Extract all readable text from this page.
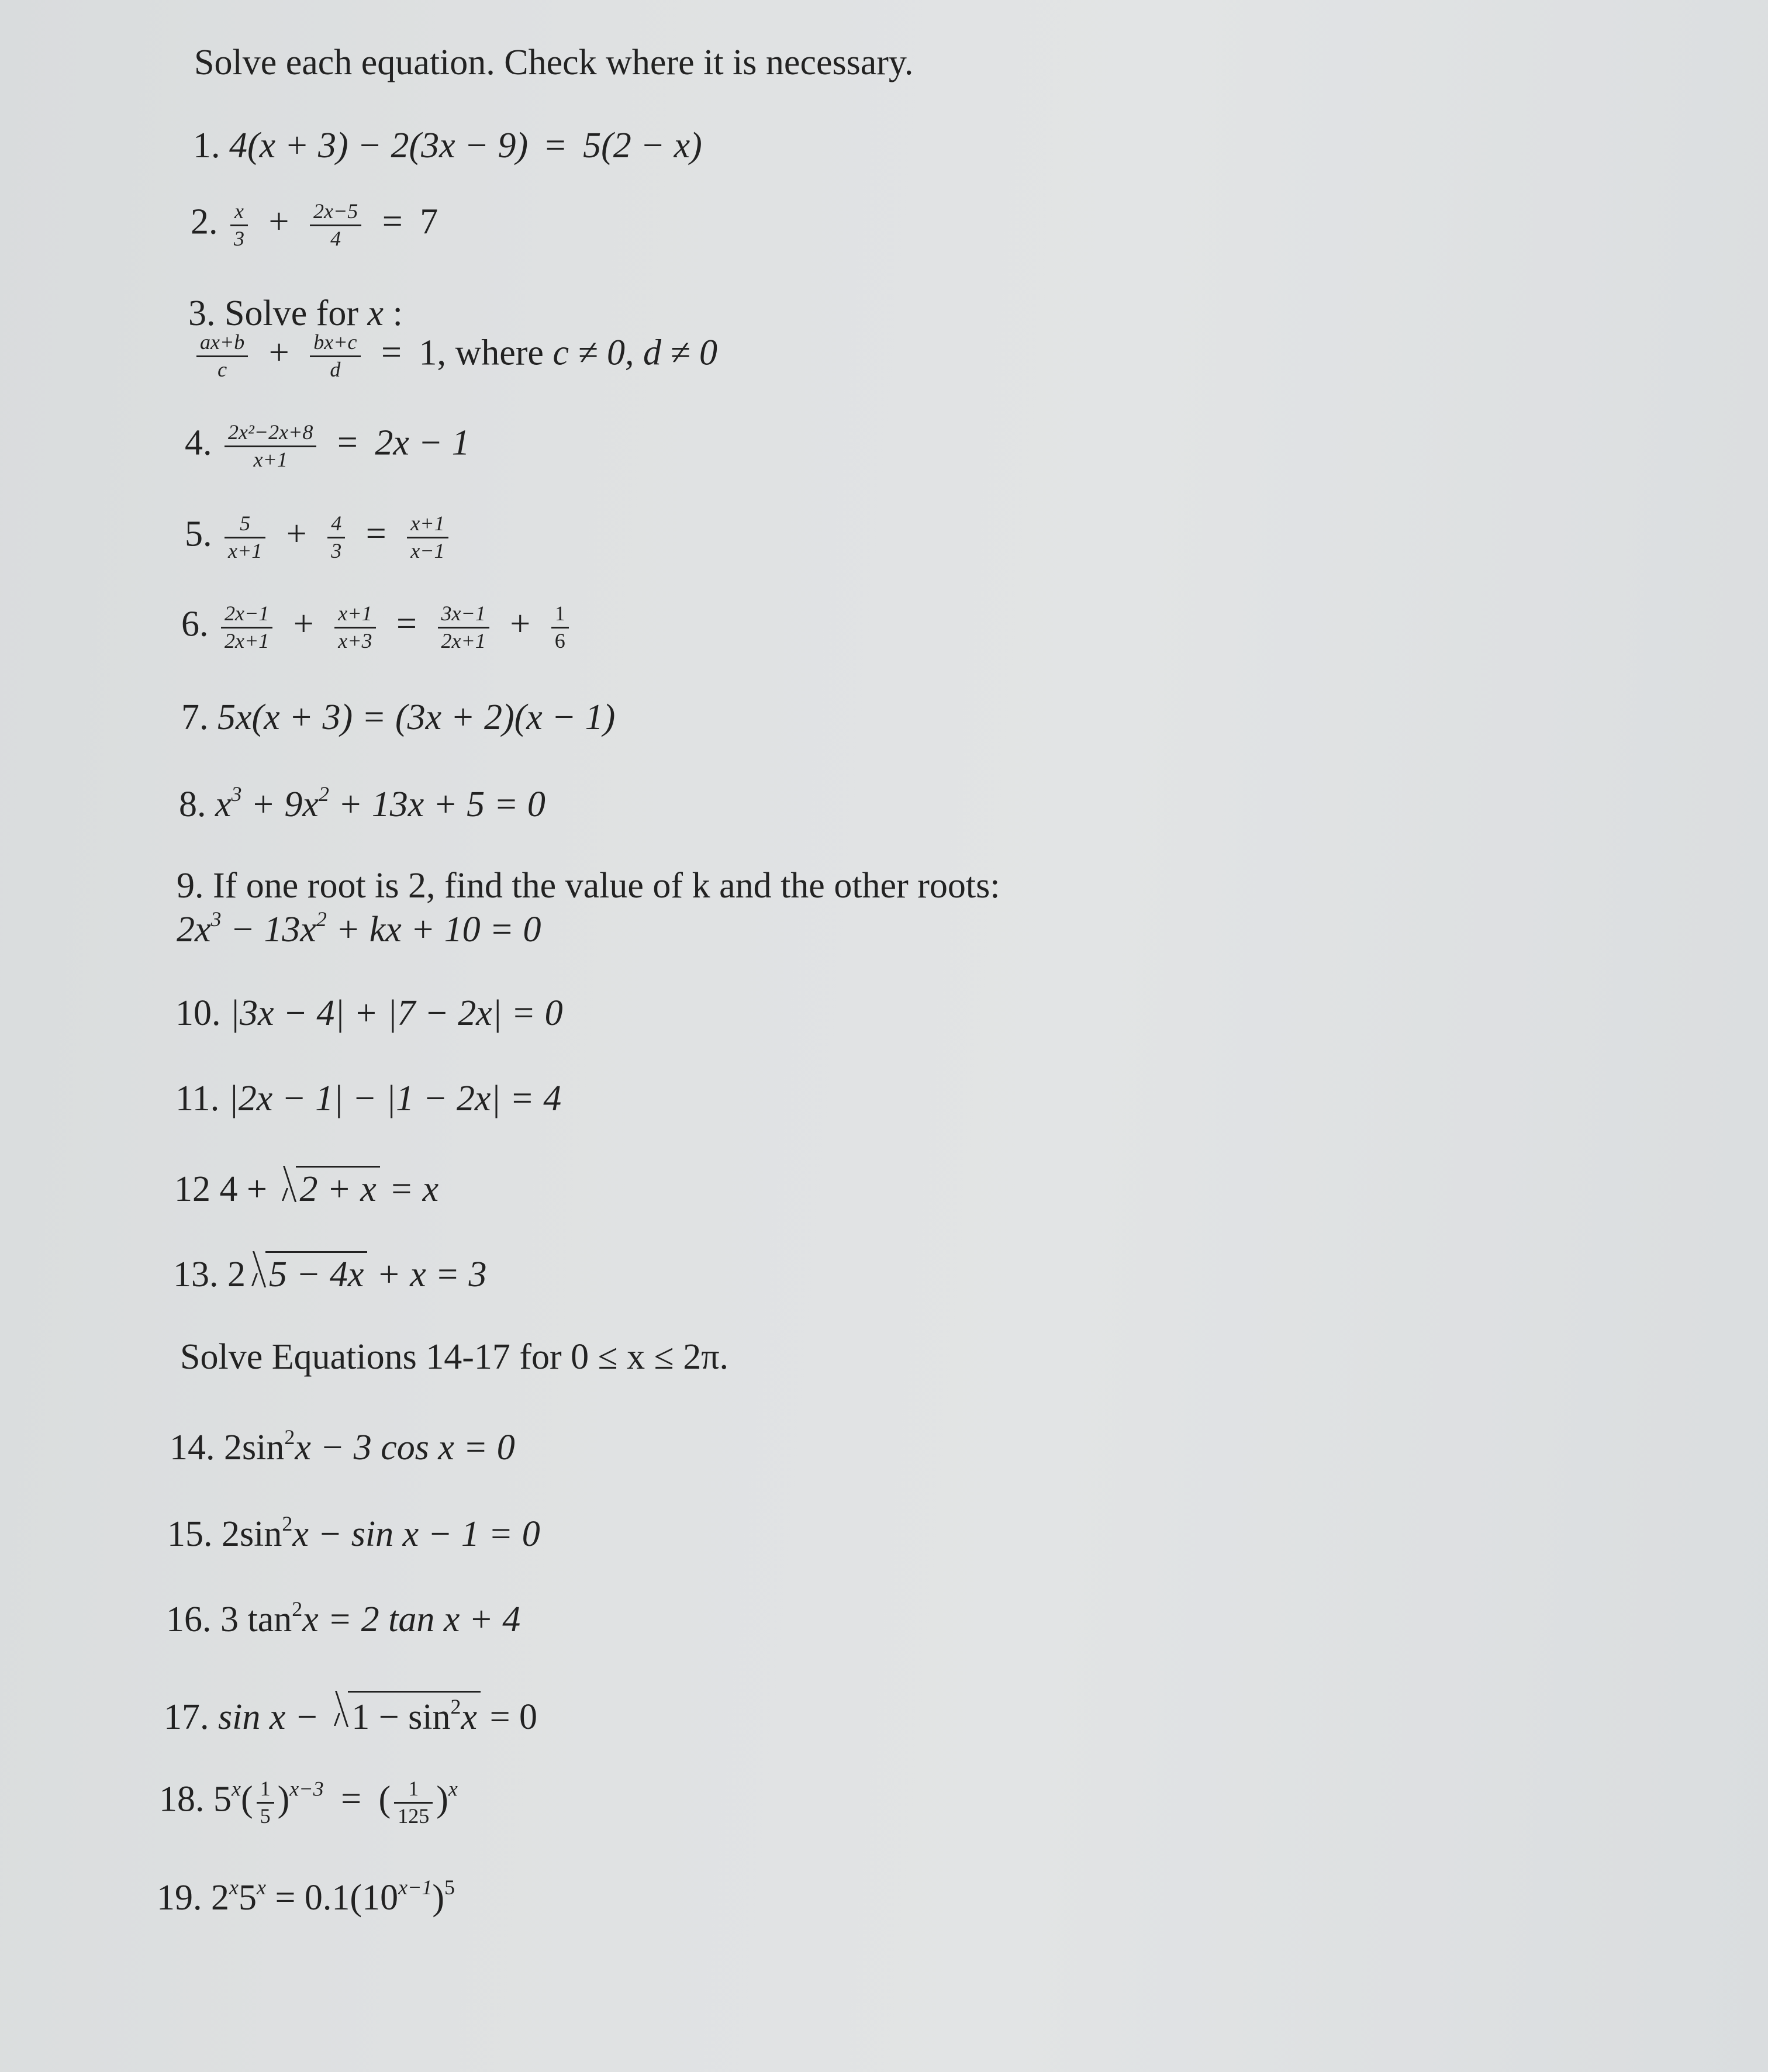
Solve each equation. Check where it is necessary.
1. 4(x + 3) − 2(3x − 9) = 5(2 − x)
2. $\frac{x}{3} + \frac{2x-5}{4} = 7$
3. Solve for x :
$\frac{ax+b}{c} + \frac{bx+c}{d} = 1$, where c ≠ 0, d ≠ 0
4. $\frac{\text{2x²−2x+8}}{x+1} = 2x - 1$
5. $\frac{5}{x+1} + \frac{4}{3} = \frac{x+1}{x-1}$
6. $\frac{2x-1}{2x+1} + \frac{x+1}{x+3} = \frac{3x-1}{2x+1} + \frac{1}{6}$
7. 5x(x + 3) = (3x + 2)(x − 1)
8. $x^3 + 9x^2 + 13x + 5 = 0$
9. If one root is 2, find the value of k and the other roots:
$2x^3 - 13x^2$ + kx + 10 = 0
10. |3x − 4| + |7 − 2x| = 0
11. |2x − 1| − |1 − 2x| = 4
12 4 + 2 + x = x
13. 2 5 − 4x + x = 3
Solve Equations 14-17 for 0 ≤ x ≤ 2π.
14. $2\sin^2x - 3$ cos x = 0
15. $2\sin^2x - \sin x - 1 = 0$
16. 3 $\tan^2x = 2$ tan x + 4
17. $\sin x - 1 - \sin^2x = 0$
18. $5^x( \frac{1}{5} )^{x-3}$ = ( $\frac{1}{125} )^x$
19. $2^x5^x = 0.1(10^{x-1})^5$
